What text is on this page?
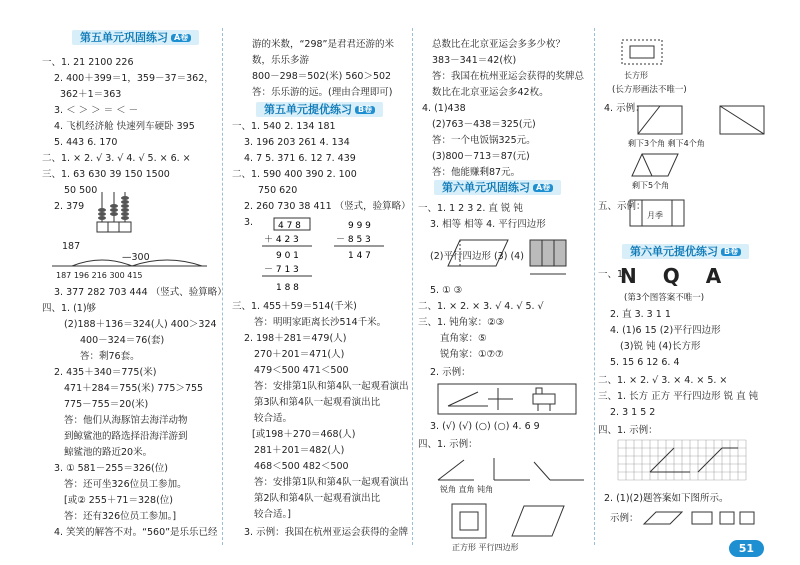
第五单元巩固练习 A卷
一、1. 21 2100 226
2. 400＋399＝1，359－37＝362，
362＋1＝363
3. ＜ ＞ ＞ ＝ ＜ －
4. 飞机经济舱 快速列车硬卧 395
5. 443 6. 170
二、1. × 2. √ 3. √ 4. √ 5. × 6. ×
三、1. 63 630 39 150 1500
50 500
2. 379
187
—300
187 196 216 300 415
3. 377 282 703 444 （竖式、验算略）
四、1. (1)够
(2)188＋136＝324(人) 400＞324
400－324＝76(套)
答：剩76套。
2. 435＋340＝775(米)
471＋284＝755(米) 775＞755
775－755＝20(米)
答：他们从海豚馆去海洋动物
到鲸鲨池的路选择沿海洋游到
鲸鲨池的路近20米。
3. ① 581－255＝326(位)
答：还可坐326位员工参加。
[或② 255＋71＝328(位)
答：还有326位员工参加。]
4. 笑笑的解答不对。“560”是乐乐已经
游的米数，“298”是君君还游的米
数，乐乐多游
800－298＝502(米) 560＞502
答：乐乐游的远。(理由合理即可)
第五单元提优练习 B卷
一、1. 540 2. 134 181
3. 196 203 261 4. 134
4. 7 5. 371 6. 12 7. 439
二、1. 590 400 390 2. 100
750 620
2. 260 730 38 411 （竖式，验算略）
3.	4 7 8
＋ 4 2 3
9 0 1
－ 7 1 3
1 8 8
9 9 9
－ 8 5 3
1 4 7
三、1. 455＋59＝514(千米)
答：明明家距离长沙514千米。
2. 198＋281＝479(人)
270＋201＝471(人)
479＜500 471＜500
答：安排第1队和第4队一起观看演出
第3队和第4队一起观看演出比
较合适。
[或198＋270＝468(人)
281＋201＝482(人)
468＜500 482＜500
答：安排第1队和第4队一起观看演出
第2队和第4队一起观看演出比
较合适。]
3. 示例：我国在杭州亚运会获得的金牌
总数比在北京亚运会多多少枚？
383－341＝42(枚)
答：我国在杭州亚运会获得的奖牌总
数比在北京亚运会多42枚。
4. (1)438
(2)763－438＝325(元)
答：一个电饭锅325元。
(3)800－713＝87(元)
答：他能赚剩87元。
第六单元巩固练习 A卷
一、1. 1 2 3 2. 直 锐 钝
3. 相等 相等 4. 平行四边形
(2)平行四边形 (3) (4)
5. ① ③
二、1. × 2. × 3. √ 4. √ 5. √
三、1. 钝角家：②③
直角家：⑤
锐角家：①⑦⑦
2. 示例：
3. (√) (√) (○) (○) 4. 6 9
四、1. 示例：
锐角 直角 钝角
正方形 平行四边形
长方形
(长方形画法不唯一)
4. 示例：
剩下3个角 剩下4个角
剩下5个角
五、示例：
月季
第六单元提优练习 B卷
一、1.
NQA
(第3个图答案不唯一)
2. 直 3. 3 1 1
4. (1)6 15 (2)平行四边形
(3)锐 钝 (4)长方形
5. 15 6 12 6. 4
二、1. × 2. √ 3. × 4. × 5. ×
三、1. 长方 正方 平行四边形 锐 直 钝
2. 3 1 5 2
四、1. 示例：
2. (1)(2)题答案如下图所示。
示例：
51
